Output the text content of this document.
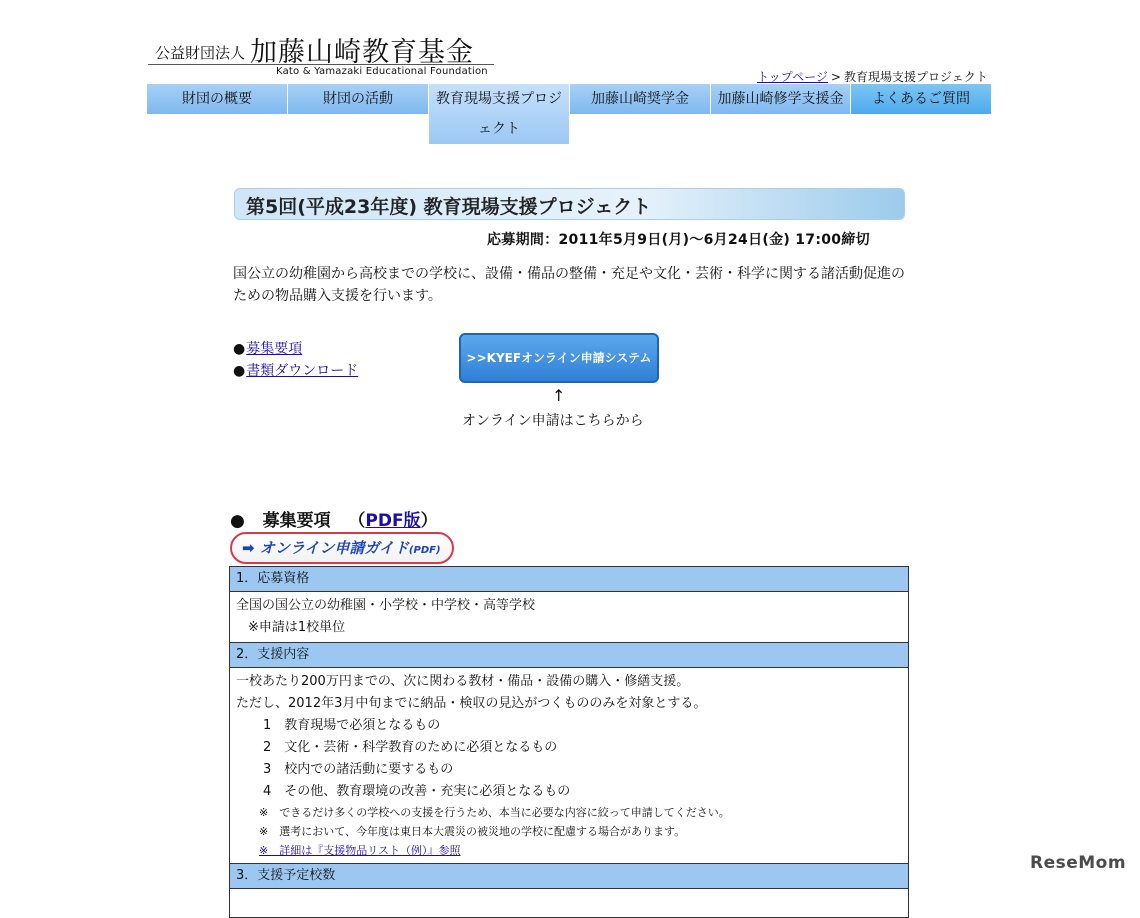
公益財団法人 加藤山崎教育基金
Kato & Yamazaki Educational Foundation	トップページ > 教育現場支援プロジェクト
財団の概要	財団の活動	教育現場支援プロジェクト
加藤山崎奨学金	加藤山崎修学支援金	よくあるご質問
第5回(平成23年度) 教育現場支援プロジェクト
応募期間：2011年5月9日(月)〜6月24日(金) 17:00締切
国公立の幼稚園から高校までの学校に、設備・備品の整備・充足や文化・芸術・科学に関する諸活動促進のための物品購入支援を行います。
●募集要項
●書類ダウンロード
>>KYEFオンライン申請システム
↑
オンライン申請はこちらから
● 募集要項 （PDF版）
➡ オンライン申請ガイド(PDF)
1．応募資格

全国の国公立の幼稚園・小学校・中学校・高等学校
※申請は1校単位

2．支援内容

一校あたり200万円までの、次に関わる教材・備品・設備の購入・修繕支援。
ただし、2012年3月中旬までに納品・検収の見込がつくもののみを対象とする。
1　教育現場で必須となるもの
2　文化・芸術・科学教育のために必須となるもの
3　校内での諸活動に要するもの
4　その他、教育環境の改善・充実に必須となるもの
※　できるだけ多くの学校への支援を行うため、本当に必要な内容に絞って申請してください。
※　選考において、今年度は東日本大震災の被災地の学校に配慮する場合があります。
※　詳細は『支援物品リスト（例）』参照

3．支援予定校数

ReseMom
